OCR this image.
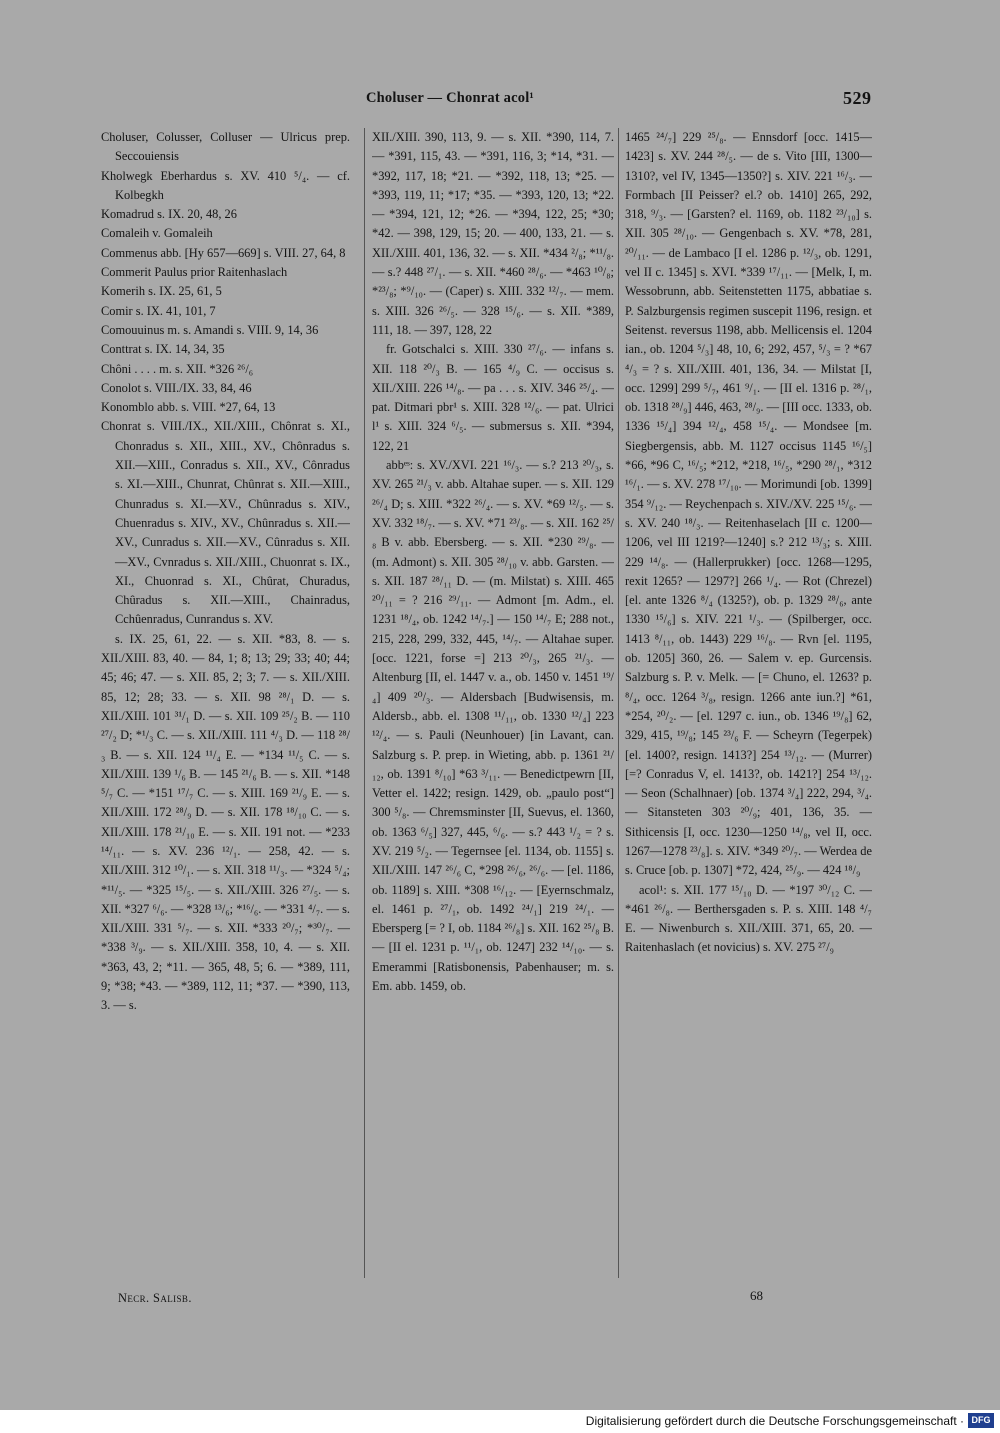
Choluser — Chonrat acol¹	529

Choluser, Colusser, Colluser — Ulricus prep. Seccouiensis

Kholwegk Eberhardus s. XV. 410 ⁵/₄. — cf. Kolbegkh

Komadrud s. IX. 20, 48, 26

Comaleih v. Gomaleih

Commenus abb. [Hy 657—669] s. VIII. 27, 64, 8

Commerit Paulus prior Raitenhaslach

Komerih s. IX. 25, 61, 5

Comir s. IX. 41, 101, 7

Comouuinus m. s. Amandi s. VIII. 9, 14, 36

Conttrat s. IX. 14, 34, 35

Chôni . . . . m. s. XII. *326 ²⁶/₆

Conolot s. VIII./IX. 33, 84, 46

Konomblo abb. s. VIII. *27, 64, 13

Chonrat s. VIII./IX., XII./XIII., Chônrat s. XI., Chonradus s. XII., XIII., XV., Chônradus s. XII.—XIII., Conradus s. XII., XV., Cônradus s. XI.—XIII., Chunrat, Chûnrat s. XII.—XIII., Chunradus s. XI.—XV., Chûnradus s. XIV., Chuenradus s. XIV., XV., Chûnradus s. XII.—XV., Cunradus s. XII.—XV., Cûnradus s. XII.—XV., Cvnradus s. XII./XIII., Chuonrat s. IX., XI., Chuonrad s. XI., Chûrat, Churadus, Chûradus s. XII.—XIII., Chainradus, Cchûenradus, Cunrandus s. XV.

s. IX. 25, 61, 22. — s. XII. *83, 8. — s. XII./XIII. 83, 40. — 84, 1; 8; 13; 29; 33; 40; 44; 45; 46; 47. — s. XII. 85, 2; 3; 7. — s. XII./XIII. 85, 12; 28; 33. — s. XII. 98 ²⁸/₁ D. — s. XII./XIII. 101 ³¹/₁ D. — s. XII. 109 ²⁵/₂ B. — 110 ²⁷/₂ D; *¹/₃ C. — s. XII./XIII. 111 ⁴/₃ D. — 118 ²⁸/₃ B. — s. XII. 124 ¹¹/₄ E. — *134 ¹¹/₅ C. — s. XII./XIII. 139 ¹/₆ B. — 145 ²¹/₆ B. — s. XII. *148 ⁵/₇ C. — *151 ¹⁷/₇ C. — s. XIII. 169 ²¹/₉ E. — s. XII./XIII. 172 ²⁸/₉ D. — s. XII. 178 ¹⁸/₁₀ C. — s. XII./XIII. 178 ²¹/₁₀ E. — s. XII. 191 not. — *233 ¹⁴/₁₁. — s. XV. 236 ¹²/₁. — 258, 42. — s. XII./XIII. 312 ¹⁰/₁. — s. XII. 318 ¹¹/₃. — *324 ⁵/₄; *¹¹/₅. — *325 ¹⁵/₅. — s. XII./XIII. 326 ²⁷/₅. — s. XII. *327 ⁶/₆. — *328 ¹³/₆; *¹⁶/₆. — *331 ⁴/₇. — s. XII./XIII. 331 ⁵/₇. — s. XII. *333 ²⁰/₇; *³⁰/₇. — *338 ³/₉. — s. XII./XIII. 358, 10, 4. — s. XII. *363, 43, 2; *11. — 365, 48, 5; 6. — *389, 111, 9; *38; *43. — *389, 112, 11; *37. — *390, 113, 3. — s.

XII./XIII. 390, 113, 9. — s. XII. *390, 114, 7. — *391, 115, 43. — *391, 116, 3; *14, *31. — *392, 117, 18; *21. — *392, 118, 13; *25. — *393, 119, 11; *17; *35. — *393, 120, 13; *22. — *394, 121, 12; *26. — *394, 122, 25; *30; *42. — 398, 129, 15; 20. — 400, 133, 21. — s. XII./XIII. 401, 136, 32. — s. XII. *434 ²/₈; *¹¹/₈. — s.? 448 ²⁷/₁. — s. XII. *460 ²⁸/₆. — *463 ¹⁰/₈; *²³/₈; *⁹/₁₀. — (Caper) s. XIII. 332 ¹²/₇. — mem. s. XIII. 326 ²⁶/₅. — 328 ¹⁵/₆. — s. XII. *389, 111, 18. — 397, 128, 22

fr. Gotschalci s. XIII. 330 ²⁷/₆. — infans s. XII. 118 ²⁰/₃ B. — 165 ⁴/₉ C. — occisus s. XII./XIII. 226 ¹⁴/₈. — pa . . . s. XIV. 346 ²⁵/₄. — pat. Ditmari pbr¹ s. XIII. 328 ¹²/₆. — pat. Ulrici l¹ s. XIII. 324 ⁶/₅. — submersus s. XII. *394, 122, 21

abbᵉˢ: s. XV./XVI. 221 ¹⁶/₃. — s.? 213 ²⁰/₃, s. XV. 265 ²¹/₃ v. abb. Altahae super. — s. XII. 129 ²⁶/₄ D; s. XIII. *322 ²⁶/₄. — s. XV. *69 ¹²/₅. — s. XV. 332 ¹⁸/₇. — s. XV. *71 ²³/₈. — s. XII. 162 ²⁵/₈ B v. abb. Ebersberg. — s. XII. *230 ²⁹/₈. — (m. Admont) s. XII. 305 ²⁸/₁₀ v. abb. Garsten. — s. XII. 187 ²⁸/₁₁ D. — (m. Milstat) s. XIII. 465 ²⁰/₁₁ = ? 216 ²⁹/₁₁. — Admont [m. Adm., el. 1231 ¹⁸/₄, ob. 1242 ¹⁴/₇.] — 150 ¹⁴/₇ E; 288 not., 215, 228, 299, 332, 445, ¹⁴/₇. — Altahae super. [occ. 1221, forse =] 213 ²⁰/₃, 265 ²¹/₃. — Altenburg [II, el. 1447 v. a., ob. 1450 v. 1451 ¹⁹/₄] 409 ²⁰/₃. — Aldersbach [Budwisensis, m. Aldersb., abb. el. 1308 ¹¹/₁₁, ob. 1330 ¹²/₄] 223 ¹²/₄. — s. Pauli (Neunhouer) [in Lavant, can. Salzburg s. P. prep. in Wieting, abb. p. 1361 ²¹/₁₂, ob. 1391 ⁸/₁₀] *63 ³/₁₁. — Benedictpewrn [II, Vetter el. 1422; resign. 1429, ob. „paulo post“] 300 ⁵/₈. — Chremsminster [II, Suevus, el. 1360, ob. 1363 ⁶/₅] 327, 445, ⁶/₆. — s.? 443 ¹/₂ = ? s. XV. 219 ⁵/₂. — Tegernsee [el. 1134, ob. 1155] s. XII./XIII. 147 ²⁶/₆ C, *298 ²⁶/₆, ²⁶/₆. — [el. 1186, ob. 1189] s. XIII. *308 ¹⁶/₁₂. — [Eyernschmalz, el. 1461 p. ²⁷/₁, ob. 1492 ²⁴/₁] 219 ²⁴/₁. — Ebersperg [= ? I, ob. 1184 ²⁶/₈] s. XII. 162 ²⁵/₈ B. — [II el. 1231 p. ¹¹/₁, ob. 1247] 232 ¹⁴/₁₀. — s. Emerammi [Ratisbonensis, Pabenhauser; m. s. Em. abb. 1459, ob.

1465 ²⁴/₇] 229 ²⁵/₈. — Ennsdorf [occ. 1415—1423] s. XV. 244 ²⁸/₅. — de s. Vito [III, 1300—1310?, vel IV, 1345—1350?] s. XIV. 221 ¹⁶/₃. — Formbach [II Peisser? el.? ob. 1410] 265, 292, 318, ⁹/₃. — [Garsten? el. 1169, ob. 1182 ²³/₁₀] s. XII. 305 ²⁸/₁₀. — Gengenbach s. XV. *78, 281, ²⁰/₁₁. — de Lambaco [I el. 1286 p. ¹²/₃, ob. 1291, vel II c. 1345] s. XVI. *339 ¹⁷/₁₁. — [Melk, I, m. Wessobrunn, abb. Seitenstetten 1175, abbatiae s. P. Salzburgensis regimen suscepit 1196, resign. et Seitenst. reversus 1198, abb. Mellicensis el. 1204 ian., ob. 1204 ⁵/₃] 48, 10, 6; 292, 457, ⁵/₃ = ? *67 ⁴/₃ = ? s. XII./XIII. 401, 136, 34. — Milstat [I, occ. 1299] 299 ⁵/₇, 461 ⁹/₁. — [II el. 1316 p. ²⁸/₁, ob. 1318 ²⁸/₉] 446, 463, ²⁸/₉. — [III occ. 1333, ob. 1336 ¹⁵/₄] 394 ¹²/₄, 458 ¹⁵/₄. — Mondsee [m. Siegbergensis, abb. M. 1127 occisus 1145 ¹⁶/₅] *66, *96 C, ¹⁶/₅; *212, *218, ¹⁶/₅, *290 ²⁸/₁, *312 ¹⁶/₁. — s. XV. 278 ¹⁷/₁₀. — Morimundi [ob. 1399] 354 ⁹/₁₂. — Reychenpach s. XIV./XV. 225 ¹⁵/₆. — s. XV. 240 ¹⁸/₃. — Reitenhaselach [II c. 1200—1206, vel III 1219?—1240] s.? 212 ¹³/₃; s. XIII. 229 ¹⁴/₈. — (Hallerprukker) [occ. 1268—1295, rexit 1265? — 1297?] 266 ¹/₄. — Rot (Chrezel) [el. ante 1326 ⁸/₄ (1325?), ob. p. 1329 ²⁸/₆, ante 1330 ¹⁵/₆] s. XIV. 221 ¹/₃. — (Spilberger, occ. 1413 ⁸/₁₁, ob. 1443) 229 ¹⁶/₈. — Rvn [el. 1195, ob. 1205] 360, 26. — Salem v. ep. Gurcensis. Salzburg s. P. v. Melk. — [= Chuno, el. 1263? p. ⁸/₄, occ. 1264 ³/₈, resign. 1266 ante iun.?] *61, *254, ²⁰/₂. — [el. 1297 c. iun., ob. 1346 ¹⁹/₈] 62, 329, 415, ¹⁹/₈; 145 ²³/₆ F. — Scheyrn (Tegerpek) [el. 1400?, resign. 1413?] 254 ¹³/₁₂. — (Murrer) [=? Conradus V, el. 1413?, ob. 1421?] 254 ¹³/₁₂. — Seon (Schalhnaer) [ob. 1374 ³/₄] 222, 294, ³/₄. — Sitansteten 303 ²⁰/₉; 401, 136, 35. — Sithicensis [I, occ. 1230—1250 ¹⁴/₈, vel II, occ. 1267—1278 ²³/₈]. s. XIV. *349 ²⁰/₇. — Werdea de s. Cruce [ob. p. 1307] *72, 424, ²⁵/₉. — 424 ¹⁸/₉

acol¹: s. XII. 177 ¹⁵/₁₀ D. — *197 ³⁰/₁₂ C. — *461 ²⁶/₈. — Berthersgaden s. P. s. XIII. 148 ⁴/₇ E. — Niwenburch s. XII./XIII. 371, 65, 20. — Raitenhaslach (et novicius) s. XV. 275 ²⁷/₉

Necr. Salisb.	68
Digitalisierung gefördert durch die Deutsche Forschungsgemeinschaft · DFG
